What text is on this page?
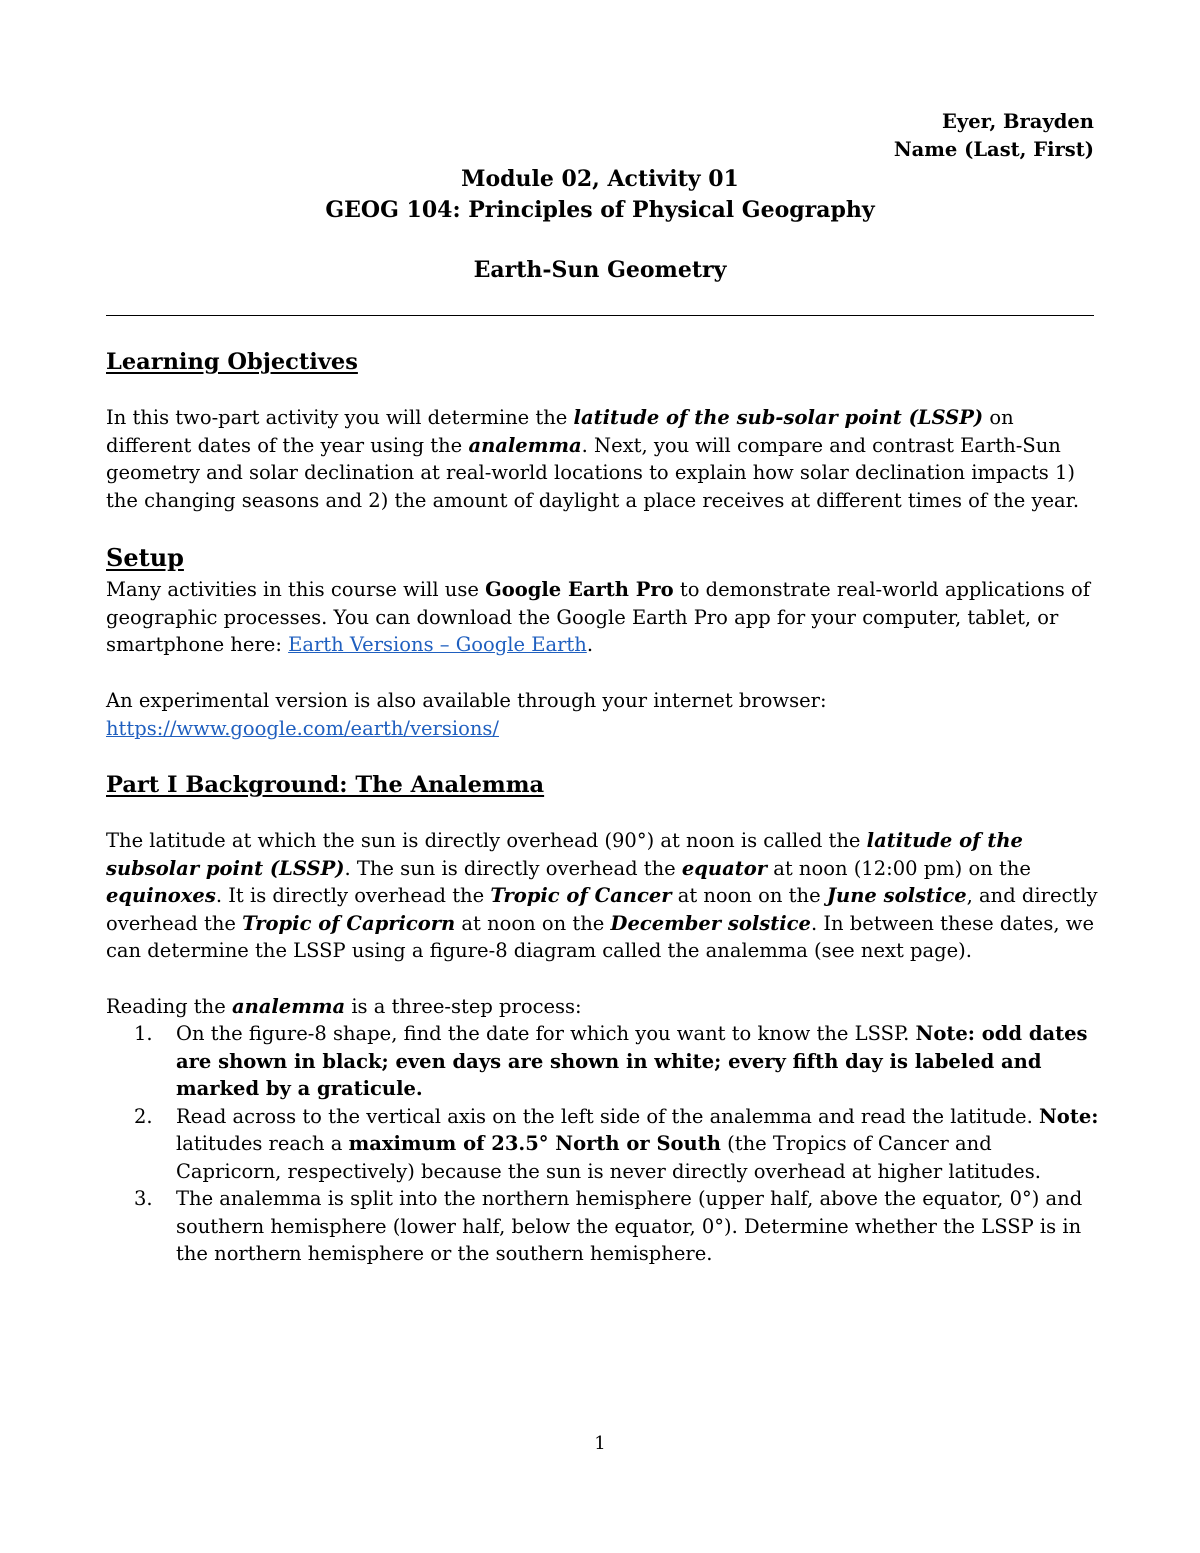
Eyer, Brayden
Name (Last, First)
Module 02, Activity 01
GEOG 104: Principles of Physical Geography
Earth-Sun Geometry
Learning Objectives

In this two-part activity you will determine the latitude of the sub-solar point (LSSP) on different dates of the year using the analemma. Next, you will compare and contrast Earth-Sun geometry and solar declination at real-world locations to explain how solar declination impacts 1) the changing seasons and 2) the amount of daylight a place receives at different times of the year.

Setup

Many activities in this course will use Google Earth Pro to demonstrate real-world applications of geographic processes. You can download the Google Earth Pro app for your computer, tablet, or smartphone here: Earth Versions – Google Earth.

An experimental version is also available through your internet browser:
https://www.google.com/earth/versions/

Part I Background: The Analemma

The latitude at which the sun is directly overhead (90°) at noon is called the latitude of the subsolar point (LSSP). The sun is directly overhead the equator at noon (12:00 pm) on the equinoxes. It is directly overhead the Tropic of Cancer at noon on the June solstice, and directly overhead the Tropic of Capricorn at noon on the December solstice. In between these dates, we can determine the LSSP using a figure-8 diagram called the analemma (see next page).

Reading the analemma is a three-step process:

1. On the figure-8 shape, find the date for which you want to know the LSSP. Note: odd dates are shown in black; even days are shown in white; every fifth day is labeled and marked by a graticule.
2. Read across to the vertical axis on the left side of the analemma and read the latitude. Note: latitudes reach a maximum of 23.5° North or South (the Tropics of Cancer and Capricorn, respectively) because the sun is never directly overhead at higher latitudes.
3. The analemma is split into the northern hemisphere (upper half, above the equator, 0°) and southern hemisphere (lower half, below the equator, 0°). Determine whether the LSSP is in the northern hemisphere or the southern hemisphere.
1
